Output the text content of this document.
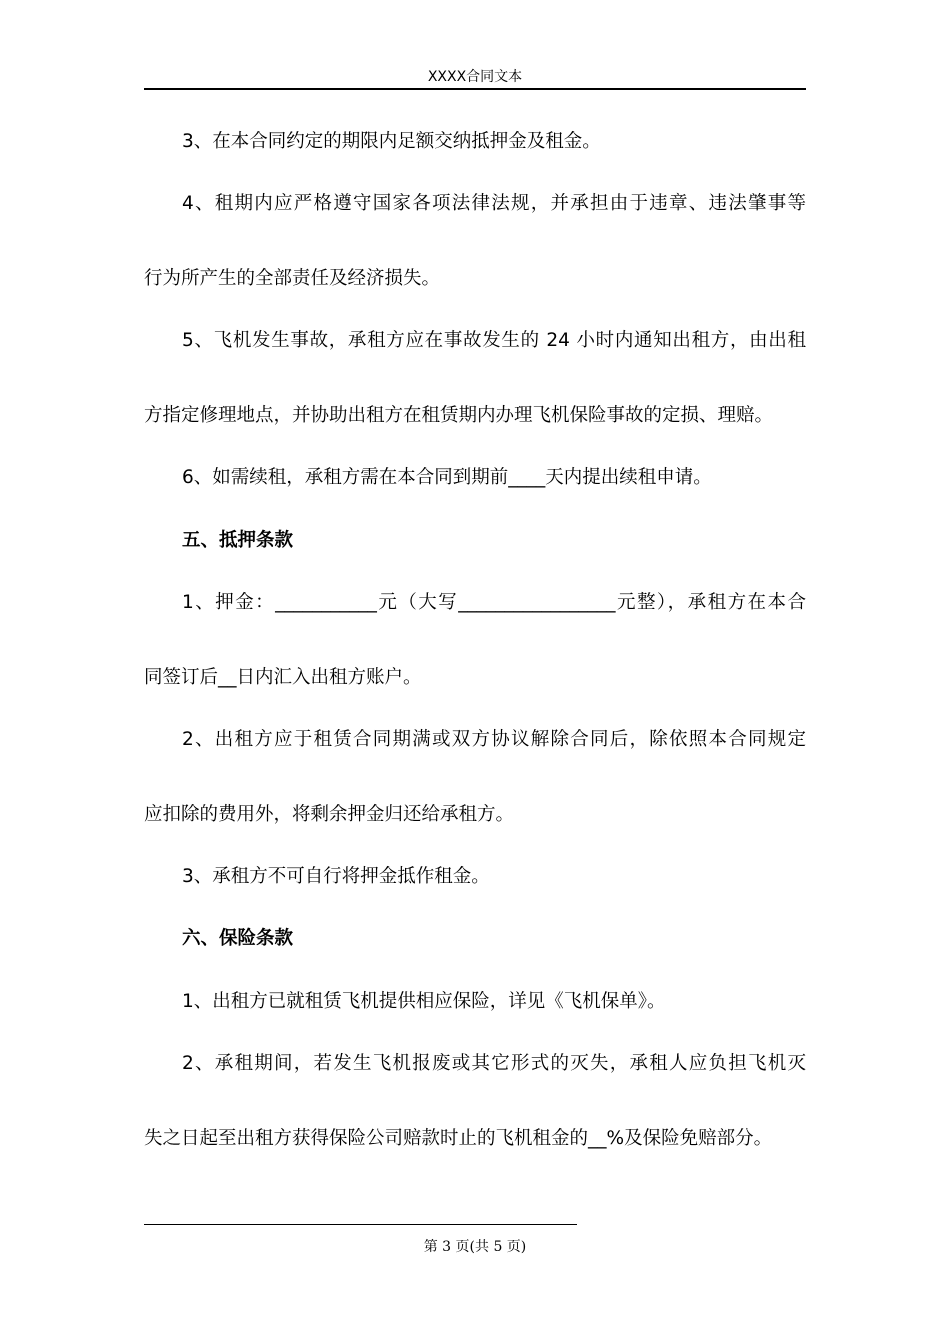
XXXX合同文本
3、在本合同约定的期限内足额交纳抵押金及租金。
4、租期内应严格遵守国家各项法律法规，并承担由于违章、违法肇事等
行为所产生的全部责任及经济损失。
5、飞机发生事故，承租方应在事故发生的 24 小时内通知出租方，由出租
方指定修理地点，并协助出租方在租赁期内办理飞机保险事故的定损、理赔。
6、如需续租，承租方需在本合同到期前____天内提出续租申请。
五、抵押条款
1、押金：___________元（大写_________________元整），承租方在本合
同签订后__日内汇入出租方账户。
2、出租方应于租赁合同期满或双方协议解除合同后，除依照本合同规定
应扣除的费用外，将剩余押金归还给承租方。
3、承租方不可自行将押金抵作租金。
六、保险条款
1、出租方已就租赁飞机提供相应保险，详见《飞机保单》。
2、承租期间，若发生飞机报废或其它形式的灭失，承租人应负担飞机灭
失之日起至出租方获得保险公司赔款时止的飞机租金的__%及保险免赔部分。
第 3 页(共 5 页)
